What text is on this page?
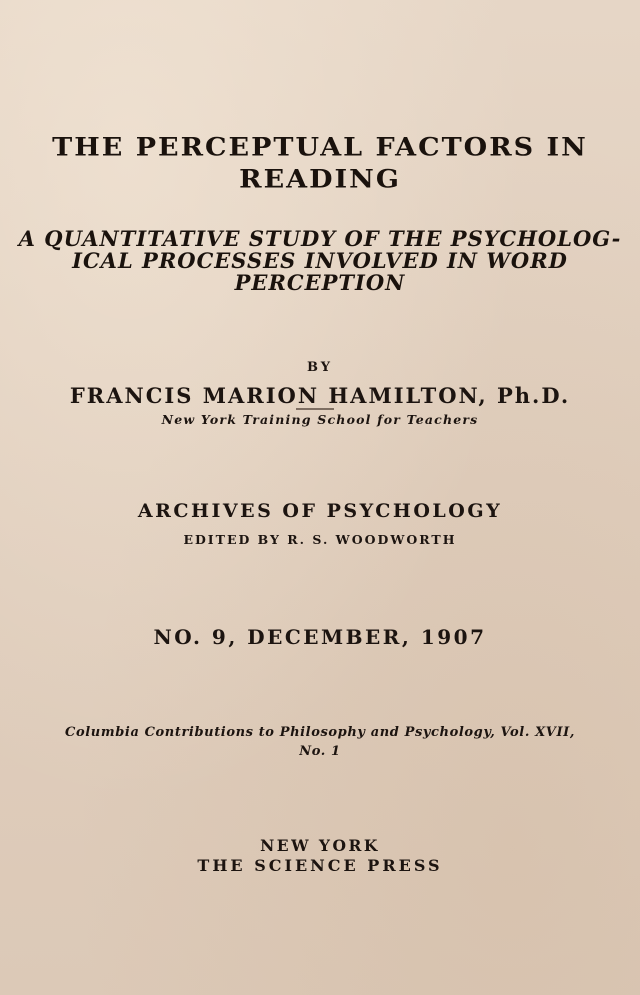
THE PERCEPTUAL FACTORS IN

READING

A QUANTITATIVE STUDY OF THE PSYCHOLOG-

ICAL PROCESSES INVOLVED IN WORD

PERCEPTION

BY

FRANCIS MARION HAMILTON, Ph.D.

New York Training School for Teachers

ARCHIVES OF PSYCHOLOGY

EDITED BY R. S. WOODWORTH

NO. 9, DECEMBER, 1907

Columbia Contributions to Philosophy and Psychology, Vol. XVII,

No. 1

NEW YORK

THE SCIENCE PRESS
